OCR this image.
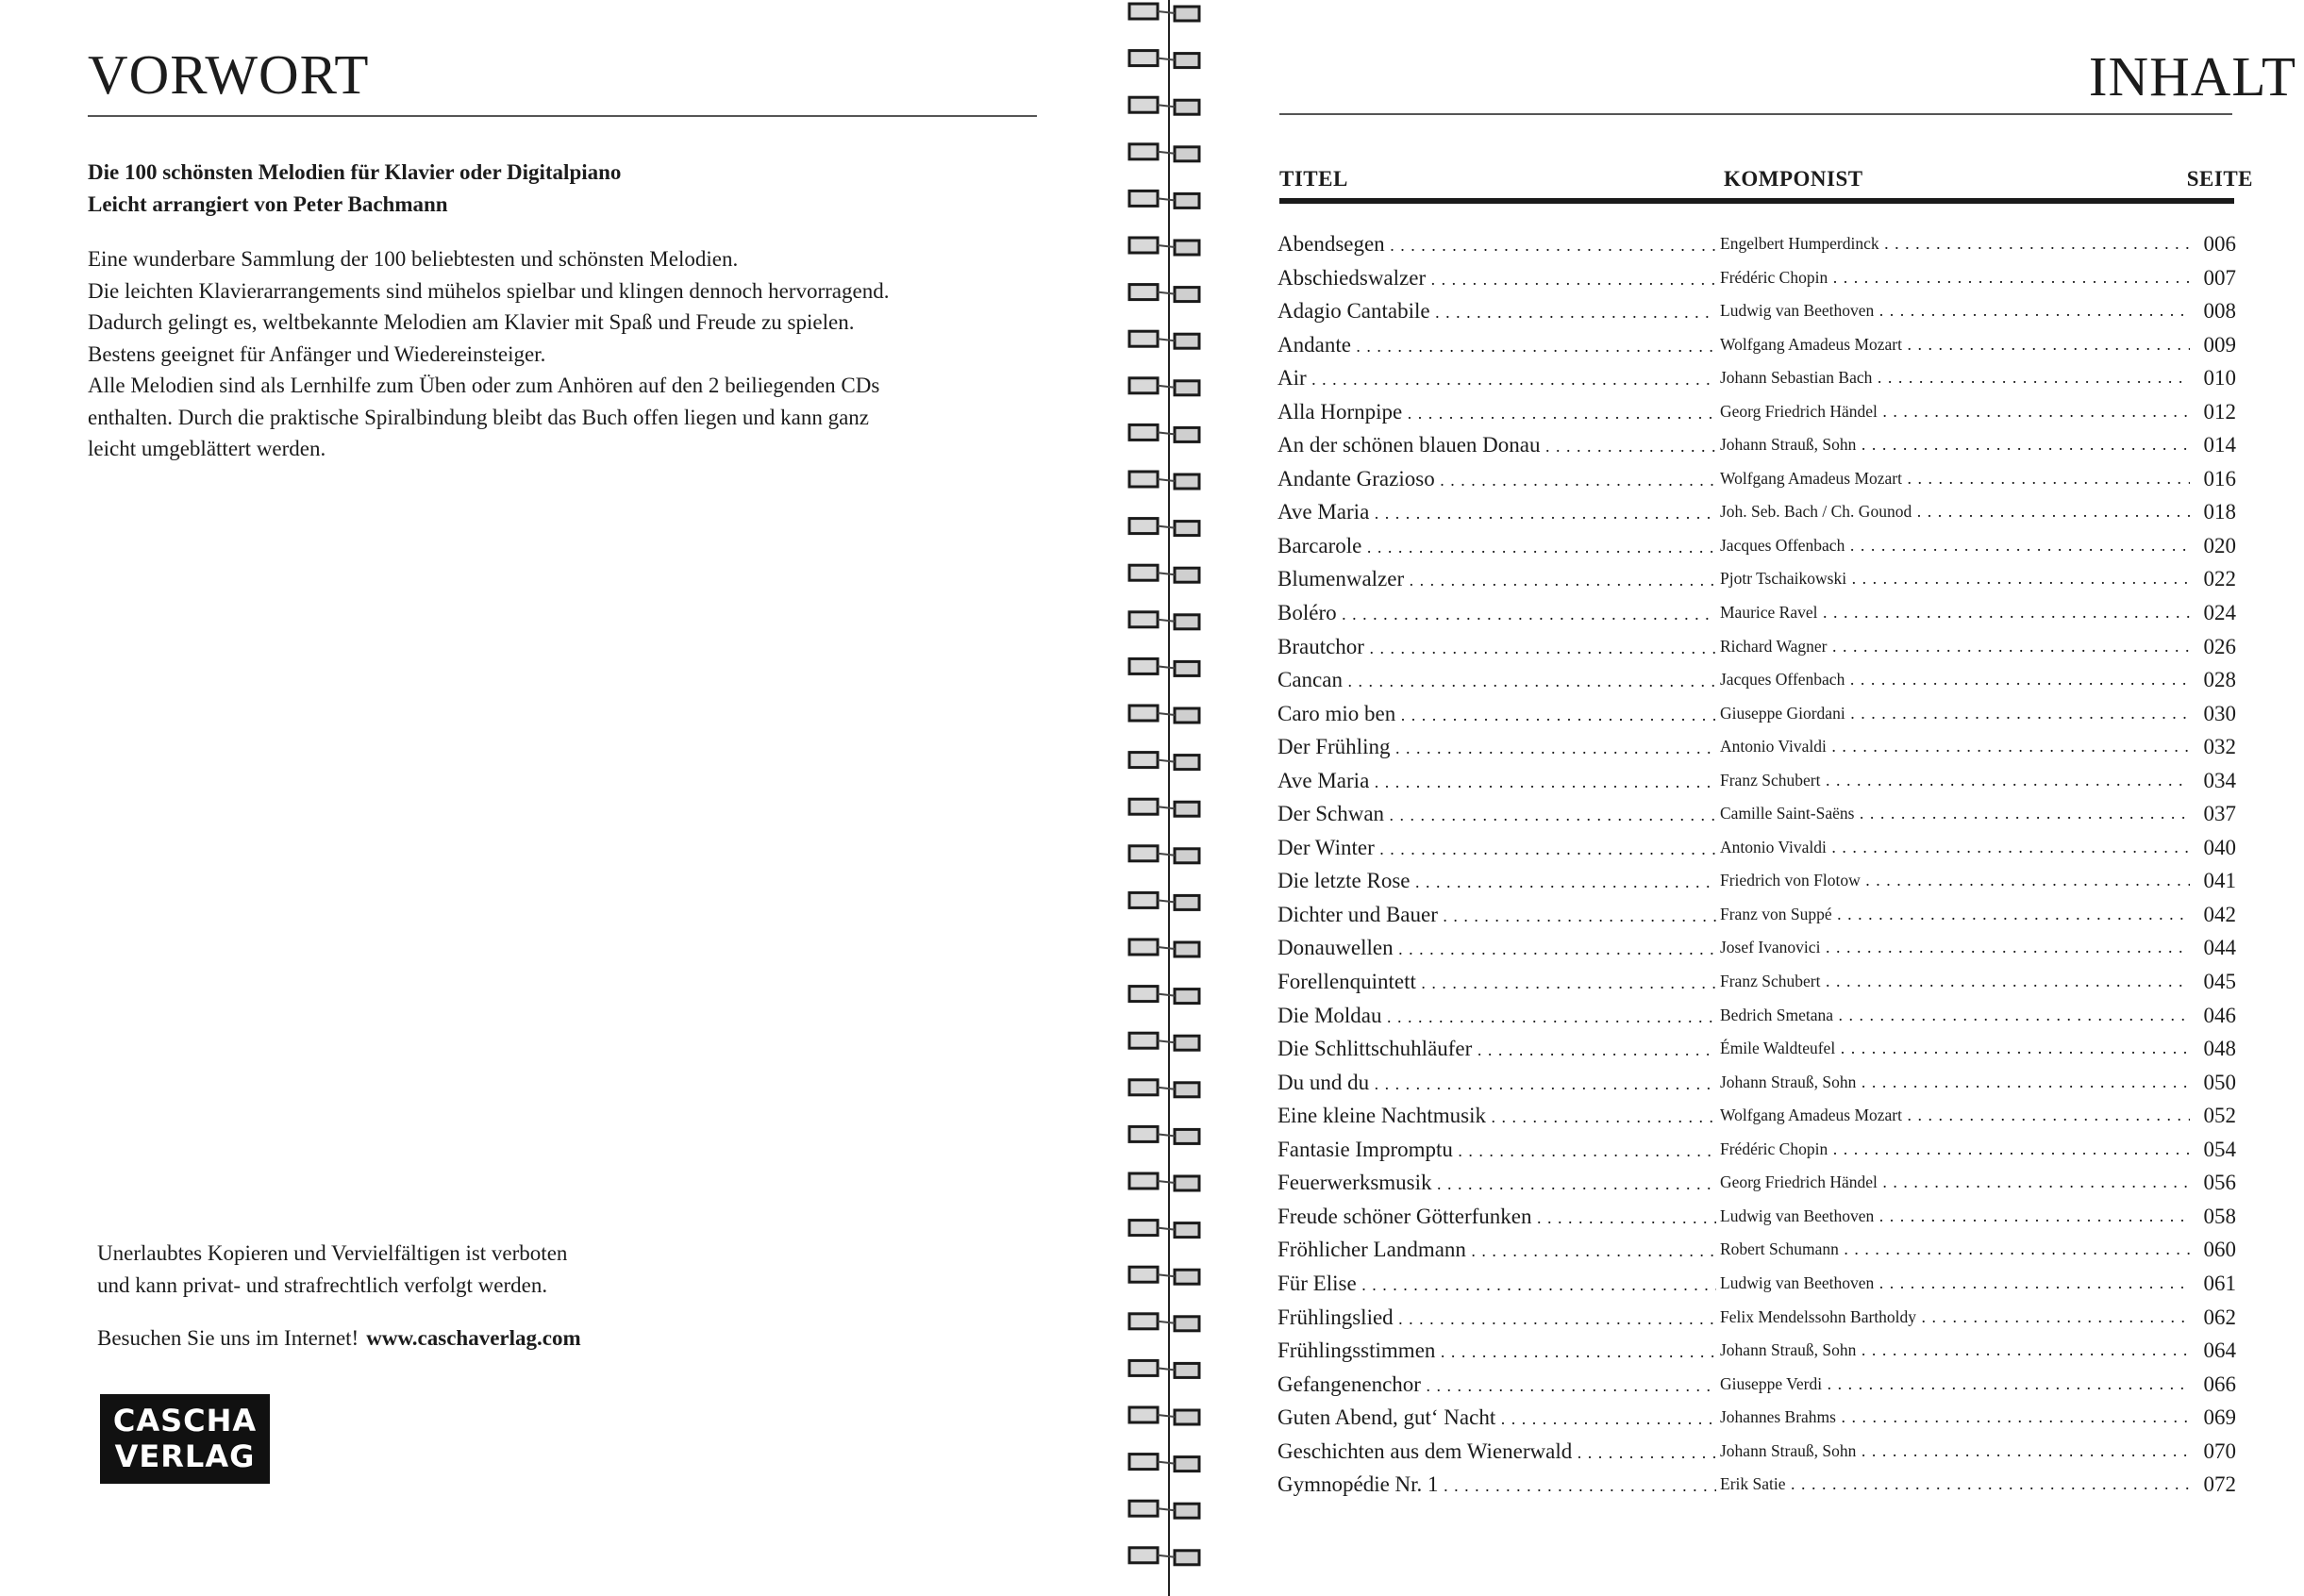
VORWORT
Die 100 schönsten Melodien für Klavier oder Digitalpiano
Leicht arrangiert von Peter Bachmann
Eine wunderbare Sammlung der 100 beliebtesten und schönsten Melodien.
Die leichten Klavierarrangements sind mühelos spielbar und klingen dennoch hervorragend.
Dadurch gelingt es, weltbekannte Melodien am Klavier mit Spaß und Freude zu spielen.
Bestens geeignet für Anfänger und Wiedereinsteiger.
Alle Melodien sind als Lernhilfe zum Üben oder zum Anhören auf den 2 beiliegenden CDs
enthalten. Durch die praktische Spiralbindung bleibt das Buch offen liegen und kann ganz
leicht umgeblättert werden.
Unerlaubtes Kopieren und Vervielfältigen ist verboten
und kann privat- und strafrechtlich verfolgt werden.
Besuchen Sie uns im Internet! www.caschaverlag.com
CASCHA
VERLAG
INHALT
TITEL	KOMPONIST	SEITE
Abendsegen . . .	Engelbert Humperdinck . . .	006
Abschiedswalzer . . .	Frédéric Chopin . . .	007
Adagio Cantabile . . .	Ludwig van Beethoven . . .	008
Andante . . .	Wolfgang Amadeus Mozart . . .	009
Air . . .	Johann Sebastian Bach . . .	010
Alla Hornpipe . . .	Georg Friedrich Händel . . .	012
An der schönen blauen Donau . . .	Johann Strauß, Sohn . . .	014
Andante Grazioso . . .	Wolfgang Amadeus Mozart . . .	016
Ave Maria . . .	Joh. Seb. Bach / Ch. Gounod . . .	018
Barcarole . . .	Jacques Offenbach . . .	020
Blumenwalzer . . .	Pjotr Tschaikowski . . .	022
Boléro . . .	Maurice Ravel . . .	024
Brautchor . . .	Richard Wagner . . .	026
Cancan . . .	Jacques Offenbach . . .	028
Caro mio ben . . .	Giuseppe Giordani . . .	030
Der Frühling . . .	Antonio Vivaldi . . .	032
Ave Maria . . .	Franz Schubert . . .	034
Der Schwan . . .	Camille Saint-Saëns . . .	037
Der Winter . . .	Antonio Vivaldi . . .	040
Die letzte Rose . . .	Friedrich von Flotow . . .	041
Dichter und Bauer . . .	Franz von Suppé . . .	042
Donauwellen . . .	Josef Ivanovici . . .	044
Forellenquintett . . .	Franz Schubert . . .	045
Die Moldau . . .	Bedrich Smetana . . .	046
Die Schlittschuhläufer . . .	Émile Waldteufel . . .	048
Du und du . . .	Johann Strauß, Sohn . . .	050
Eine kleine Nachtmusik . . .	Wolfgang Amadeus Mozart . . .	052
Fantasie Impromptu . . .	Frédéric Chopin . . .	054
Feuerwerksmusik . . .	Georg Friedrich Händel . . .	056
Freude schöner Götterfunken . . .	Ludwig van Beethoven . . .	058
Fröhlicher Landmann . . .	Robert Schumann . . .	060
Für Elise . . .	Ludwig van Beethoven . . .	061
Frühlingslied . . .	Felix Mendelssohn Bartholdy . . .	062
Frühlingsstimmen . . .	Johann Strauß, Sohn . . .	064
Gefangenenchor . . .	Giuseppe Verdi . . .	066
Guten Abend, gut‘ Nacht . . .	Johannes Brahms . . .	069
Geschichten aus dem Wienerwald . . .	Johann Strauß, Sohn . . .	070
Gymnopédie Nr. 1 . . .	Erik Satie . . .	072
